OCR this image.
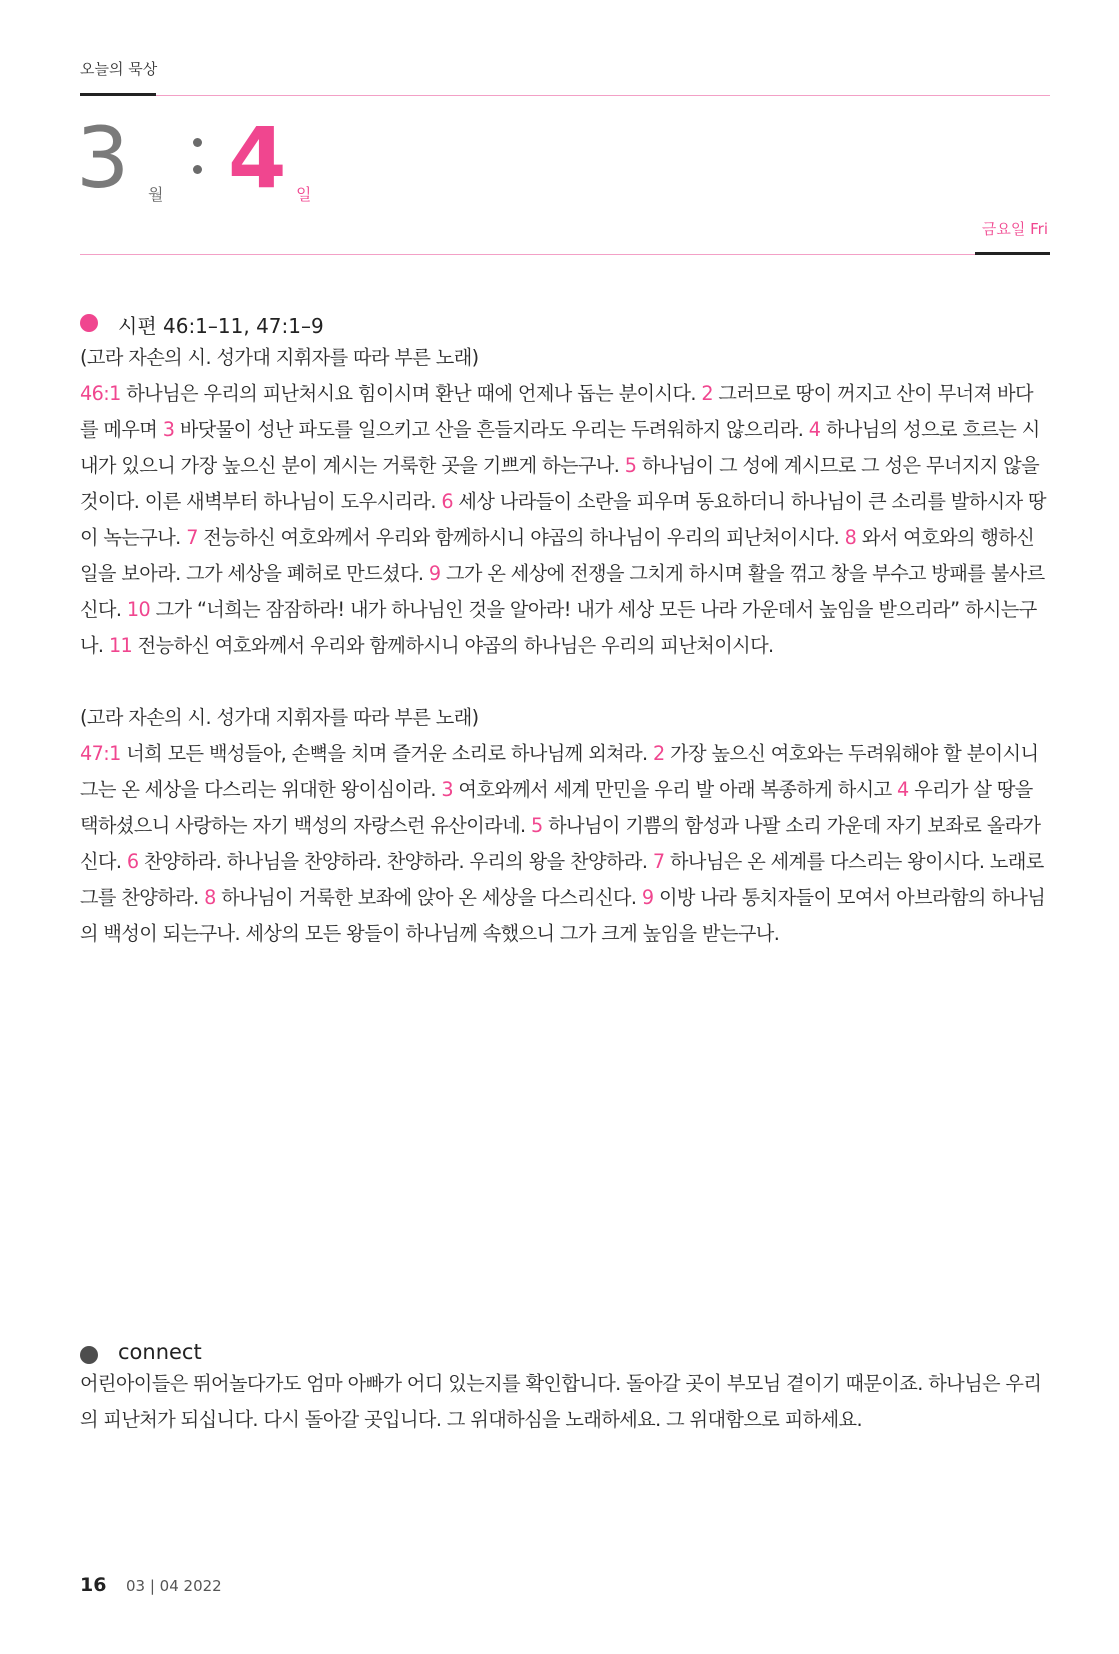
오늘의 묵상
3 월 4 일
금요일 Fri
시편 46:1–11, 47:1–9
(고라 자손의 시. 성가대 지휘자를 따라 부른 노래)
46:1 하나님은 우리의 피난처시요 힘이시며 환난 때에 언제나 돕는 분이시다. 2 그러므로 땅이 꺼지고 산이 무너져 바다를 메우며 3 바닷물이 성난 파도를 일으키고 산을 흔들지라도 우리는 두려워하지 않으리라. 4 하나님의 성으로 흐르는 시내가 있으니 가장 높으신 분이 계시는 거룩한 곳을 기쁘게 하는구나. 5 하나님이 그 성에 계시므로 그 성은 무너지지 않을 것이다. 이른 새벽부터 하나님이 도우시리라. 6 세상 나라들이 소란을 피우며 동요하더니 하나님이 큰 소리를 발하시자 땅이 녹는구나. 7 전능하신 여호와께서 우리와 함께하시니 야곱의 하나님이 우리의 피난처이시다. 8 와서 여호와의 행하신 일을 보아라. 그가 세상을 폐허로 만드셨다. 9 그가 온 세상에 전쟁을 그치게 하시며 활을 꺾고 창을 부수고 방패를 불사르신다. 10 그가 “너희는 잠잠하라! 내가 하나님인 것을 알아라! 내가 세상 모든 나라 가운데서 높임을 받으리라” 하시는구나. 11 전능하신 여호와께서 우리와 함께하시니 야곱의 하나님은 우리의 피난처이시다.
(고라 자손의 시. 성가대 지휘자를 따라 부른 노래)
47:1 너희 모든 백성들아, 손뼉을 치며 즐거운 소리로 하나님께 외쳐라. 2 가장 높으신 여호와는 두려워해야 할 분이시니 그는 온 세상을 다스리는 위대한 왕이심이라. 3 여호와께서 세계 만민을 우리 발 아래 복종하게 하시고 4 우리가 살 땅을 택하셨으니 사랑하는 자기 백성의 자랑스런 유산이라네. 5 하나님이 기쁨의 함성과 나팔 소리 가운데 자기 보좌로 올라가신다. 6 찬양하라. 하나님을 찬양하라. 찬양하라. 우리의 왕을 찬양하라. 7 하나님은 온 세계를 다스리는 왕이시다. 노래로 그를 찬양하라. 8 하나님이 거룩한 보좌에 앉아 온 세상을 다스리신다. 9 이방 나라 통치자들이 모여서 아브라함의 하나님의 백성이 되는구나. 세상의 모든 왕들이 하나님께 속했으니 그가 크게 높임을 받는구나.
connect
어린아이들은 뛰어놀다가도 엄마 아빠가 어디 있는지를 확인합니다. 돌아갈 곳이 부모님 곁이기 때문이죠. 하나님은 우리의 피난처가 되십니다. 다시 돌아갈 곳입니다. 그 위대하심을 노래하세요. 그 위대함으로 피하세요.
16 03 | 04 2022
